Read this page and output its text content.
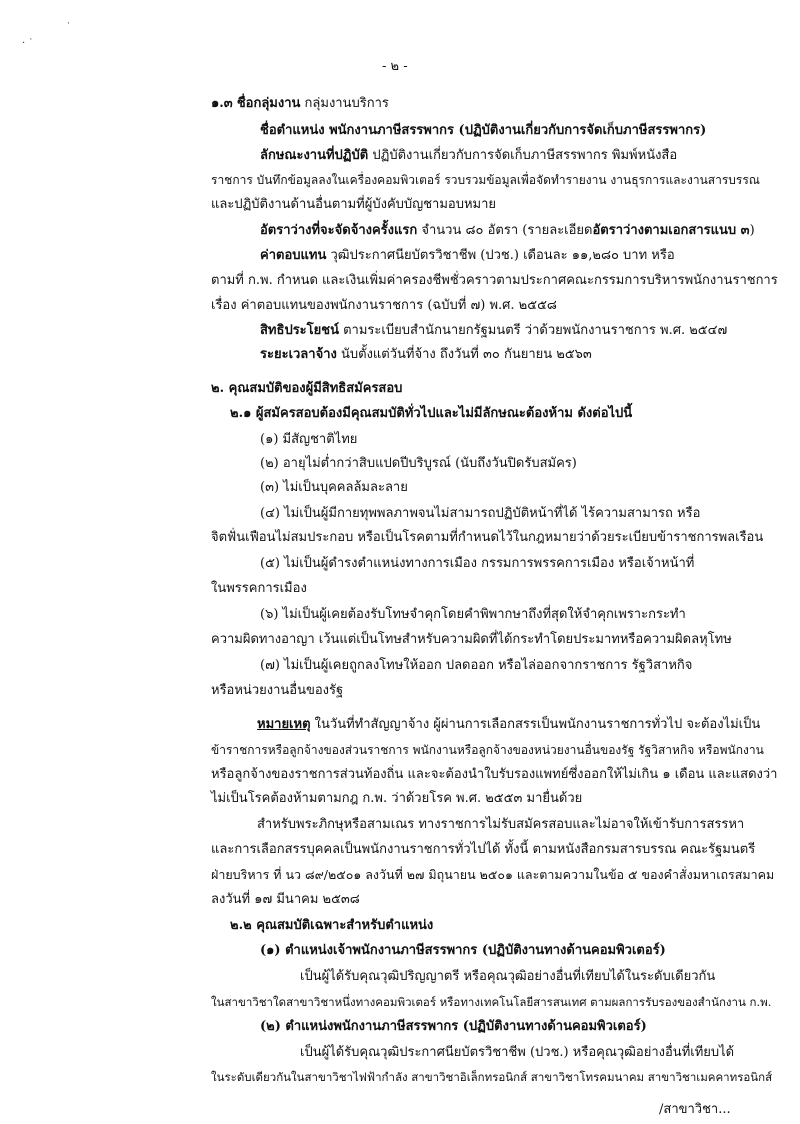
· ˙
˙
- ๒ -
๑.๓ ชื่อกลุ่มงาน กลุ่มงานบริการ
ชื่อตำแหน่ง พนักงานภาษีสรรพากร (ปฏิบัติงานเกี่ยวกับการจัดเก็บภาษีสรรพากร)
ลักษณะงานที่ปฏิบัติ ปฏิบัติงานเกี่ยวกับการจัดเก็บภาษีสรรพากร พิมพ์หนังสือ
ราชการ บันทึกข้อมูลลงในเครื่องคอมพิวเตอร์ รวบรวมข้อมูลเพื่อจัดทำรายงาน งานธุรการและงานสารบรรณ
และปฏิบัติงานด้านอื่นตามที่ผู้บังคับบัญชามอบหมาย
อัตราว่างที่จะจัดจ้างครั้งแรก จำนวน ๘๐ อัตรา (รายละเอียดอัตราว่างตามเอกสารแนบ ๓)
ค่าตอบแทน วุฒิประกาศนียบัตรวิชาชีพ (ปวช.) เดือนละ ๑๑,๒๘๐ บาท หรือ
ตามที่ ก.พ. กำหนด และเงินเพิ่มค่าครองชีพชั่วคราวตามประกาศคณะกรรมการบริหารพนักงานราชการ
เรื่อง ค่าตอบแทนของพนักงานราชการ (ฉบับที่ ๗) พ.ศ. ๒๕๕๘
สิทธิประโยชน์ ตามระเบียบสำนักนายกรัฐมนตรี ว่าด้วยพนักงานราชการ พ.ศ. ๒๕๔๗
ระยะเวลาจ้าง นับตั้งแต่วันที่จ้าง ถึงวันที่ ๓๐ กันยายน ๒๕๖๓
๒. คุณสมบัติของผู้มีสิทธิสมัครสอบ
๒.๑ ผู้สมัครสอบต้องมีคุณสมบัติทั่วไปและไม่มีลักษณะต้องห้าม ดังต่อไปนี้
(๑) มีสัญชาติไทย
(๒) อายุไม่ต่ำกว่าสิบแปดปีบริบูรณ์ (นับถึงวันปิดรับสมัคร)
(๓) ไม่เป็นบุคคลล้มละลาย
(๔) ไม่เป็นผู้มีกายทุพพลภาพจนไม่สามารถปฏิบัติหน้าที่ได้ ไร้ความสามารถ หรือ
จิตฟั่นเฟือนไม่สมประกอบ หรือเป็นโรคตามที่กำหนดไว้ในกฎหมายว่าด้วยระเบียบข้าราชการพลเรือน
(๕) ไม่เป็นผู้ดำรงตำแหน่งทางการเมือง กรรมการพรรคการเมือง หรือเจ้าหน้าที่
ในพรรคการเมือง
(๖) ไม่เป็นผู้เคยต้องรับโทษจำคุกโดยคำพิพากษาถึงที่สุดให้จำคุกเพราะกระทำ
ความผิดทางอาญา เว้นแต่เป็นโทษสำหรับความผิดที่ได้กระทำโดยประมาทหรือความผิดลหุโทษ
(๗) ไม่เป็นผู้เคยถูกลงโทษให้ออก ปลดออก หรือไล่ออกจากราชการ รัฐวิสาหกิจ
หรือหน่วยงานอื่นของรัฐ
หมายเหตุ ในวันที่ทำสัญญาจ้าง ผู้ผ่านการเลือกสรรเป็นพนักงานราชการทั่วไป จะต้องไม่เป็น
ข้าราชการหรือลูกจ้างของส่วนราชการ พนักงานหรือลูกจ้างของหน่วยงานอื่นของรัฐ รัฐวิสาหกิจ หรือพนักงาน
หรือลูกจ้างของราชการส่วนท้องถิ่น และจะต้องนำใบรับรองแพทย์ซึ่งออกให้ไม่เกิน ๑ เดือน และแสดงว่า
ไม่เป็นโรคต้องห้ามตามกฎ ก.พ. ว่าด้วยโรค พ.ศ. ๒๕๕๓ มายื่นด้วย
สำหรับพระภิกษุหรือสามเณร ทางราชการไม่รับสมัครสอบและไม่อาจให้เข้ารับการสรรหา
และการเลือกสรรบุคคลเป็นพนักงานราชการทั่วไปได้ ทั้งนี้ ตามหนังสือกรมสารบรรณ คณะรัฐมนตรี
ฝ่ายบริหาร ที่ นว ๘๙/๒๕๐๑ ลงวันที่ ๒๗ มิถุนายน ๒๕๐๑ และตามความในข้อ ๕ ของคำสั่งมหาเถรสมาคม
ลงวันที่ ๑๗ มีนาคม ๒๕๓๘
๒.๒ คุณสมบัติเฉพาะสำหรับตำแหน่ง
(๑) ตำแหน่งเจ้าพนักงานภาษีสรรพากร (ปฏิบัติงานทางด้านคอมพิวเตอร์)
เป็นผู้ได้รับคุณวุฒิปริญญาตรี หรือคุณวุฒิอย่างอื่นที่เทียบได้ในระดับเดียวกัน
ในสาขาวิชาใดสาขาวิชาหนึ่งทางคอมพิวเตอร์ หรือทางเทคโนโลยีสารสนเทศ ตามผลการรับรองของสำนักงาน ก.พ.
(๒) ตำแหน่งพนักงานภาษีสรรพากร (ปฏิบัติงานทางด้านคอมพิวเตอร์)
เป็นผู้ได้รับคุณวุฒิประกาศนียบัตรวิชาชีพ (ปวช.) หรือคุณวุฒิอย่างอื่นที่เทียบได้
ในระดับเดียวกันในสาขาวิชาไฟฟ้ากำลัง สาขาวิชาอิเล็กทรอนิกส์ สาขาวิชาโทรคมนาคม สาขาวิชาเมคคาทรอนิกส์
/สาขาวิชา...
